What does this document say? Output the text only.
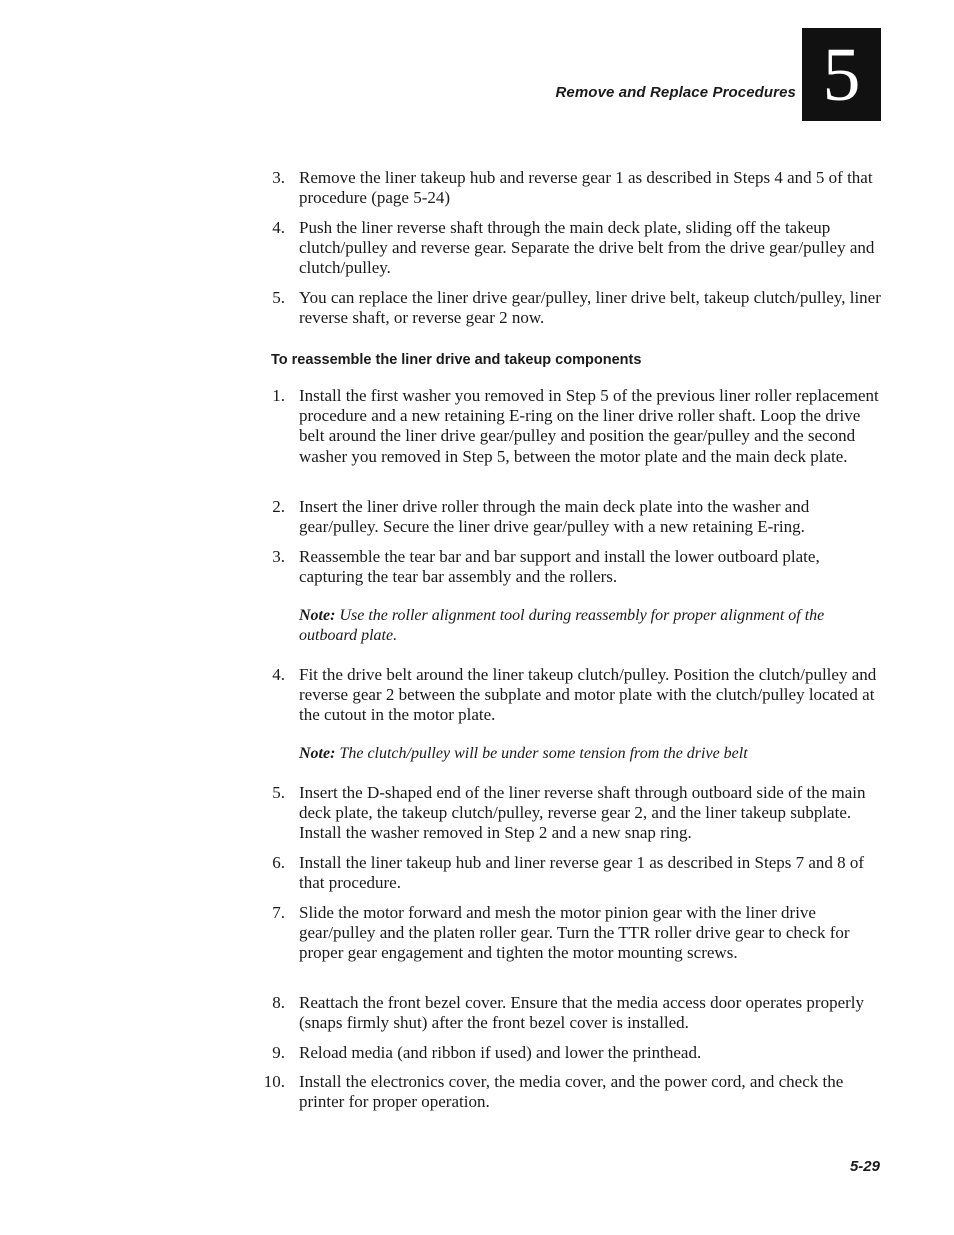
Remove and Replace Procedures 5
3. Remove the liner takeup hub and reverse gear 1 as described in Steps 4 and 5 of that procedure (page 5-24)
4. Push the liner reverse shaft through the main deck plate, sliding off the takeup clutch/pulley and reverse gear. Separate the drive belt from the drive gear/pulley and clutch/pulley.
5. You can replace the liner drive gear/pulley, liner drive belt, takeup clutch/pulley, liner reverse shaft, or reverse gear 2 now.
To reassemble the liner drive and takeup components
1. Install the first washer you removed in Step 5 of the previous liner roller replacement procedure and a new retaining E-ring on the liner drive roller shaft. Loop the drive belt around the liner drive gear/pulley and position the gear/pulley and the second washer you removed in Step 5, between the motor plate and the main deck plate.
2. Insert the liner drive roller through the main deck plate into the washer and gear/pulley. Secure the liner drive gear/pulley with a new retaining E-ring.
3. Reassemble the tear bar and bar support and install the lower outboard plate, capturing the tear bar assembly and the rollers.
Note: Use the roller alignment tool during reassembly for proper alignment of the outboard plate.
4. Fit the drive belt around the liner takeup clutch/pulley. Position the clutch/pulley and reverse gear 2 between the subplate and motor plate with the clutch/pulley located at the cutout in the motor plate.
Note: The clutch/pulley will be under some tension from the drive belt
5. Insert the D-shaped end of the liner reverse shaft through outboard side of the main deck plate, the takeup clutch/pulley, reverse gear 2, and the liner takeup subplate. Install the washer removed in Step 2 and a new snap ring.
6. Install the liner takeup hub and liner reverse gear 1 as described in Steps 7 and 8 of that procedure.
7. Slide the motor forward and mesh the motor pinion gear with the liner drive gear/pulley and the platen roller gear. Turn the TTR roller drive gear to check for proper gear engagement and tighten the motor mounting screws.
8. Reattach the front bezel cover. Ensure that the media access door operates properly (snaps firmly shut) after the front bezel cover is installed.
9. Reload media (and ribbon if used) and lower the printhead.
10. Install the electronics cover, the media cover, and the power cord, and check the printer for proper operation.
5-29
